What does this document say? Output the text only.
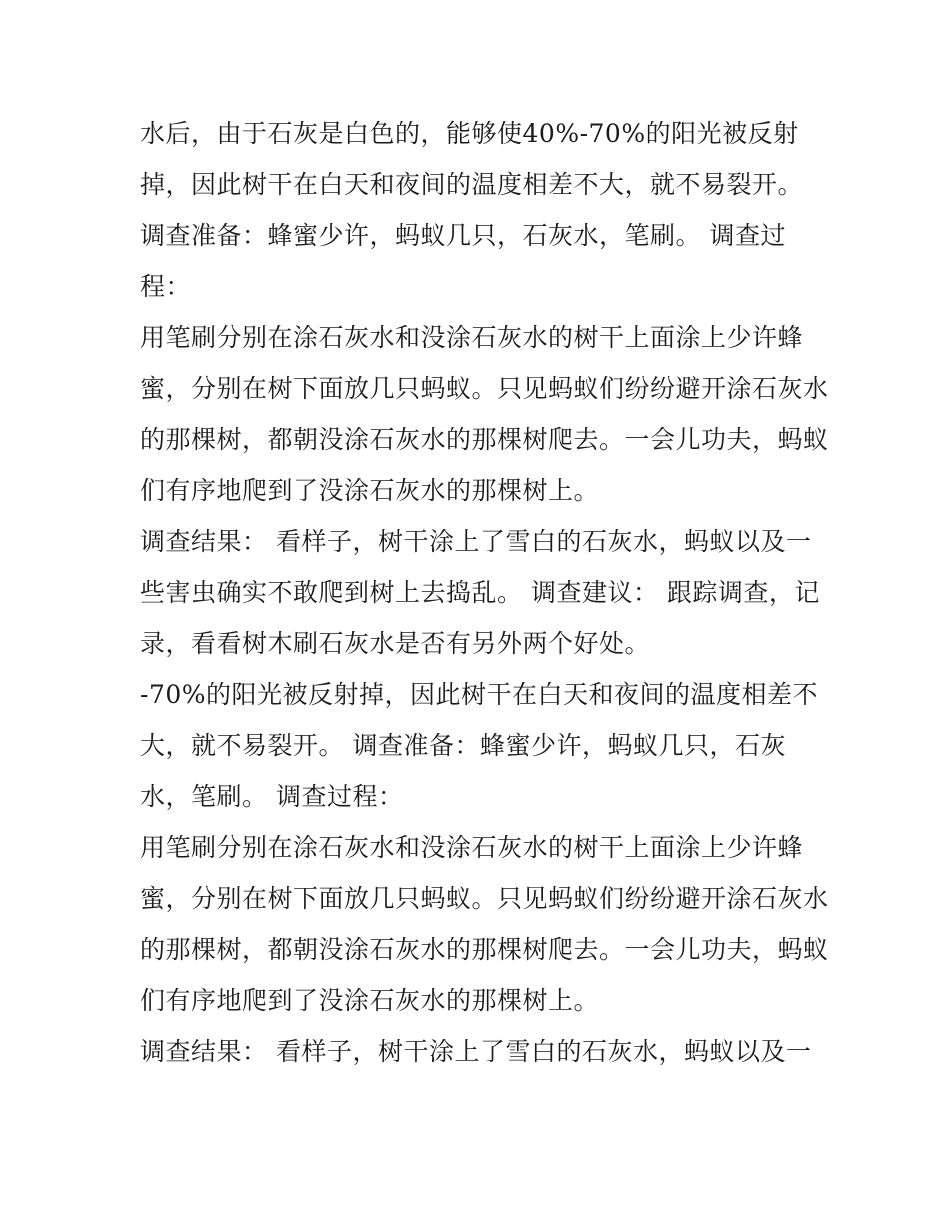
水后，由于石灰是白色的，能够使40%-70%的阳光被反射
掉，因此树干在白天和夜间的温度相差不大，就不易裂开。
调查准备：蜂蜜少许，蚂蚁几只，石灰水，笔刷。 调查过
程：
用笔刷分别在涂石灰水和没涂石灰水的树干上面涂上少许蜂
蜜，分别在树下面放几只蚂蚁。只见蚂蚁们纷纷避开涂石灰水
的那棵树，都朝没涂石灰水的那棵树爬去。一会儿功夫，蚂蚁
们有序地爬到了没涂石灰水的那棵树上。
调查结果： 看样子，树干涂上了雪白的石灰水，蚂蚁以及一
些害虫确实不敢爬到树上去捣乱。 调查建议： 跟踪调查，记
录，看看树木刷石灰水是否有另外两个好处。
-70%的阳光被反射掉，因此树干在白天和夜间的温度相差不
大，就不易裂开。 调查准备：蜂蜜少许，蚂蚁几只，石灰
水，笔刷。 调查过程：
用笔刷分别在涂石灰水和没涂石灰水的树干上面涂上少许蜂
蜜，分别在树下面放几只蚂蚁。只见蚂蚁们纷纷避开涂石灰水
的那棵树，都朝没涂石灰水的那棵树爬去。一会儿功夫，蚂蚁
们有序地爬到了没涂石灰水的那棵树上。
调查结果： 看样子，树干涂上了雪白的石灰水，蚂蚁以及一
